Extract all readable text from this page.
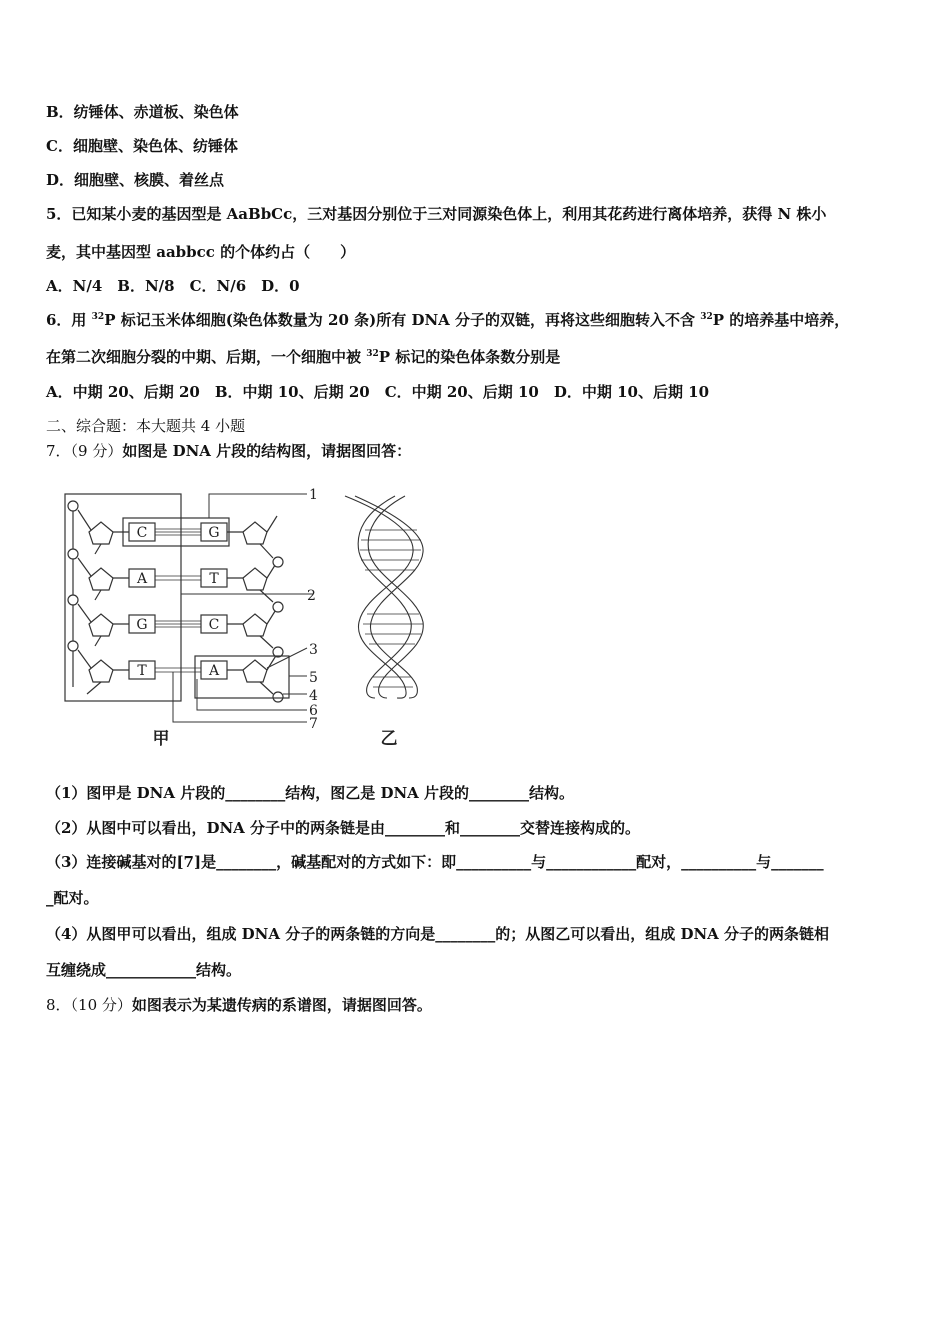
B．纺锤体、赤道板、染色体
C．细胞壁、染色体、纺锤体
D．细胞壁、核膜、着丝点
5．已知某小麦的基因型是 AaBbCc，三对基因分别位于三对同源染色体上，利用其花药进行离体培养，获得 N 株小
麦，其中基因型 aabbcc 的个体约占（　　）
A．N/4　B．N/8　C．N/6　D．0
6．用 $^{32}$P 标记玉米体细胞(染色体数量为 20 条)所有 DNA 分子的双链，再将这些细胞转入不含 $^{32}$P 的培养基中培养，
在第二次细胞分裂的中期、后期，一个细胞中被 $^{32}$P 标记的染色体条数分别是
A．中期 20、后期 20　B．中期 10、后期 20　C．中期 20、后期 10　D．中期 10、后期 10
二、综合题：本大题共 4 小题
7．（9 分）如图是 DNA 片段的结构图，请据图回答：
C
A
G
T
G
T
C
A
1
2
3
4
5
6
7
甲	乙
（1）图甲是 DNA 片段的________结构，图乙是 DNA 片段的________结构。
（2）从图中可以看出，DNA 分子中的两条链是由________和________交替连接构成的。
（3）连接碱基对的[7]是________，碱基配对的方式如下：即__________与____________配对，__________与_______
_配对。
（4）从图甲可以看出，组成 DNA 分子的两条链的方向是________的；从图乙可以看出，组成 DNA 分子的两条链相
互缠绕成____________结构。
8．（10 分）如图表示为某遗传病的系谱图，请据图回答。
